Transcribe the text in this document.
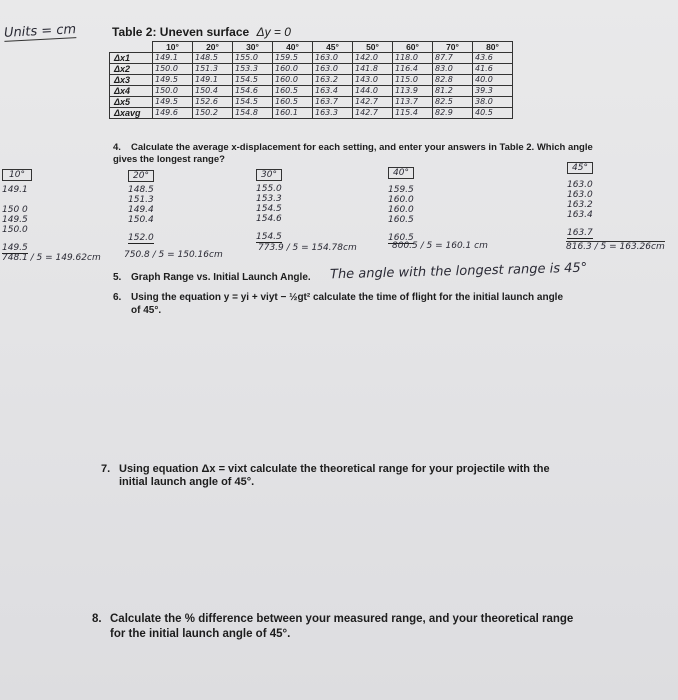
Units = cm	Table 2: Uneven surface Δy = 0
	10°	20°	30°	40°	45°	50°	60°	70°	80°
Δx1	149.1	148.5	155.0	159.5	163.0	142.0	118.0	87.7	43.6
Δx2	150.0	151.3	153.3	160.0	163.0	141.8	116.4	83.0	41.6
Δx3	149.5	149.1	154.5	160.0	163.2	143.0	115.0	82.8	40.0
Δx4	150.0	150.4	154.6	160.5	163.4	144.0	113.9	81.2	39.3
Δx5	149.5	152.6	154.5	160.5	163.7	142.7	113.7	82.5	38.0
Δxavg	149.6	150.2	154.8	160.1	163.3	142.7	115.4	82.9	40.5
4. Calculate the average x-displacement for each setting, and enter your answers in Table 2. Which angle gives the longest range?
10°
149.1
150 0
149.5
150.0
149.5
748.1 / 5 = 149.62cm
20°
148.5
151.3
149.4
150.4
152.0
750.8 / 5 = 150.16cm
30°
155.0
153.3
154.5
154.6
154.5
773.9 / 5 = 154.78cm
40°
159.5
160.0
160.0
160.5
160.5
800.5 / 5 = 160.1 cm
45°
163.0
163.0
163.2
163.4
163.7
816.3 / 5 = 163.26cm
5. Graph Range vs. Initial Launch Angle. The angle with the longest range is 45°
6. Using the equation y = yi + viyt − ½gt² calculate the time of flight for the initial launch angle
of 45°.
7. Using equation Δx = vixt calculate the theoretical range for your projectile with the
initial launch angle of 45°.
8. Calculate the % difference between your measured range, and your theoretical range
for the initial launch angle of 45°.
